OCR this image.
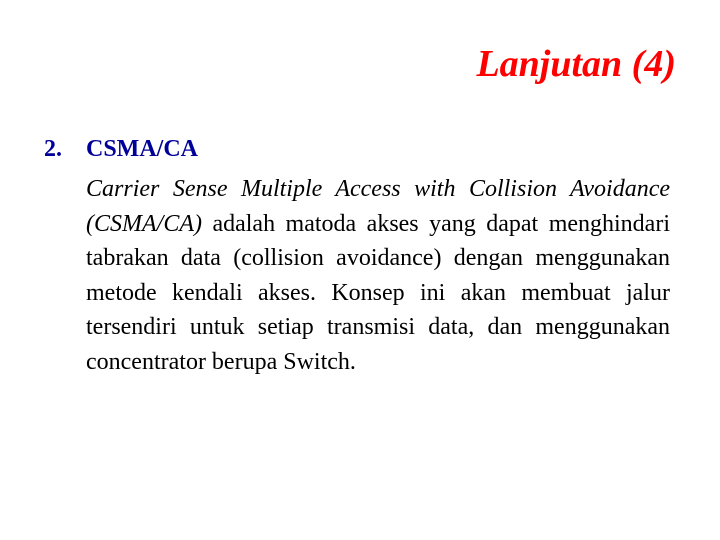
Lanjutan (4)
2. CSMA/CA
Carrier Sense Multiple Access with Collision Avoidance (CSMA/CA) adalah matoda akses yang dapat menghindari tabrakan data (collision avoidance) dengan menggunakan metode kendali akses. Konsep ini akan membuat jalur tersendiri untuk setiap transmisi data, dan menggunakan concentrator berupa Switch.
